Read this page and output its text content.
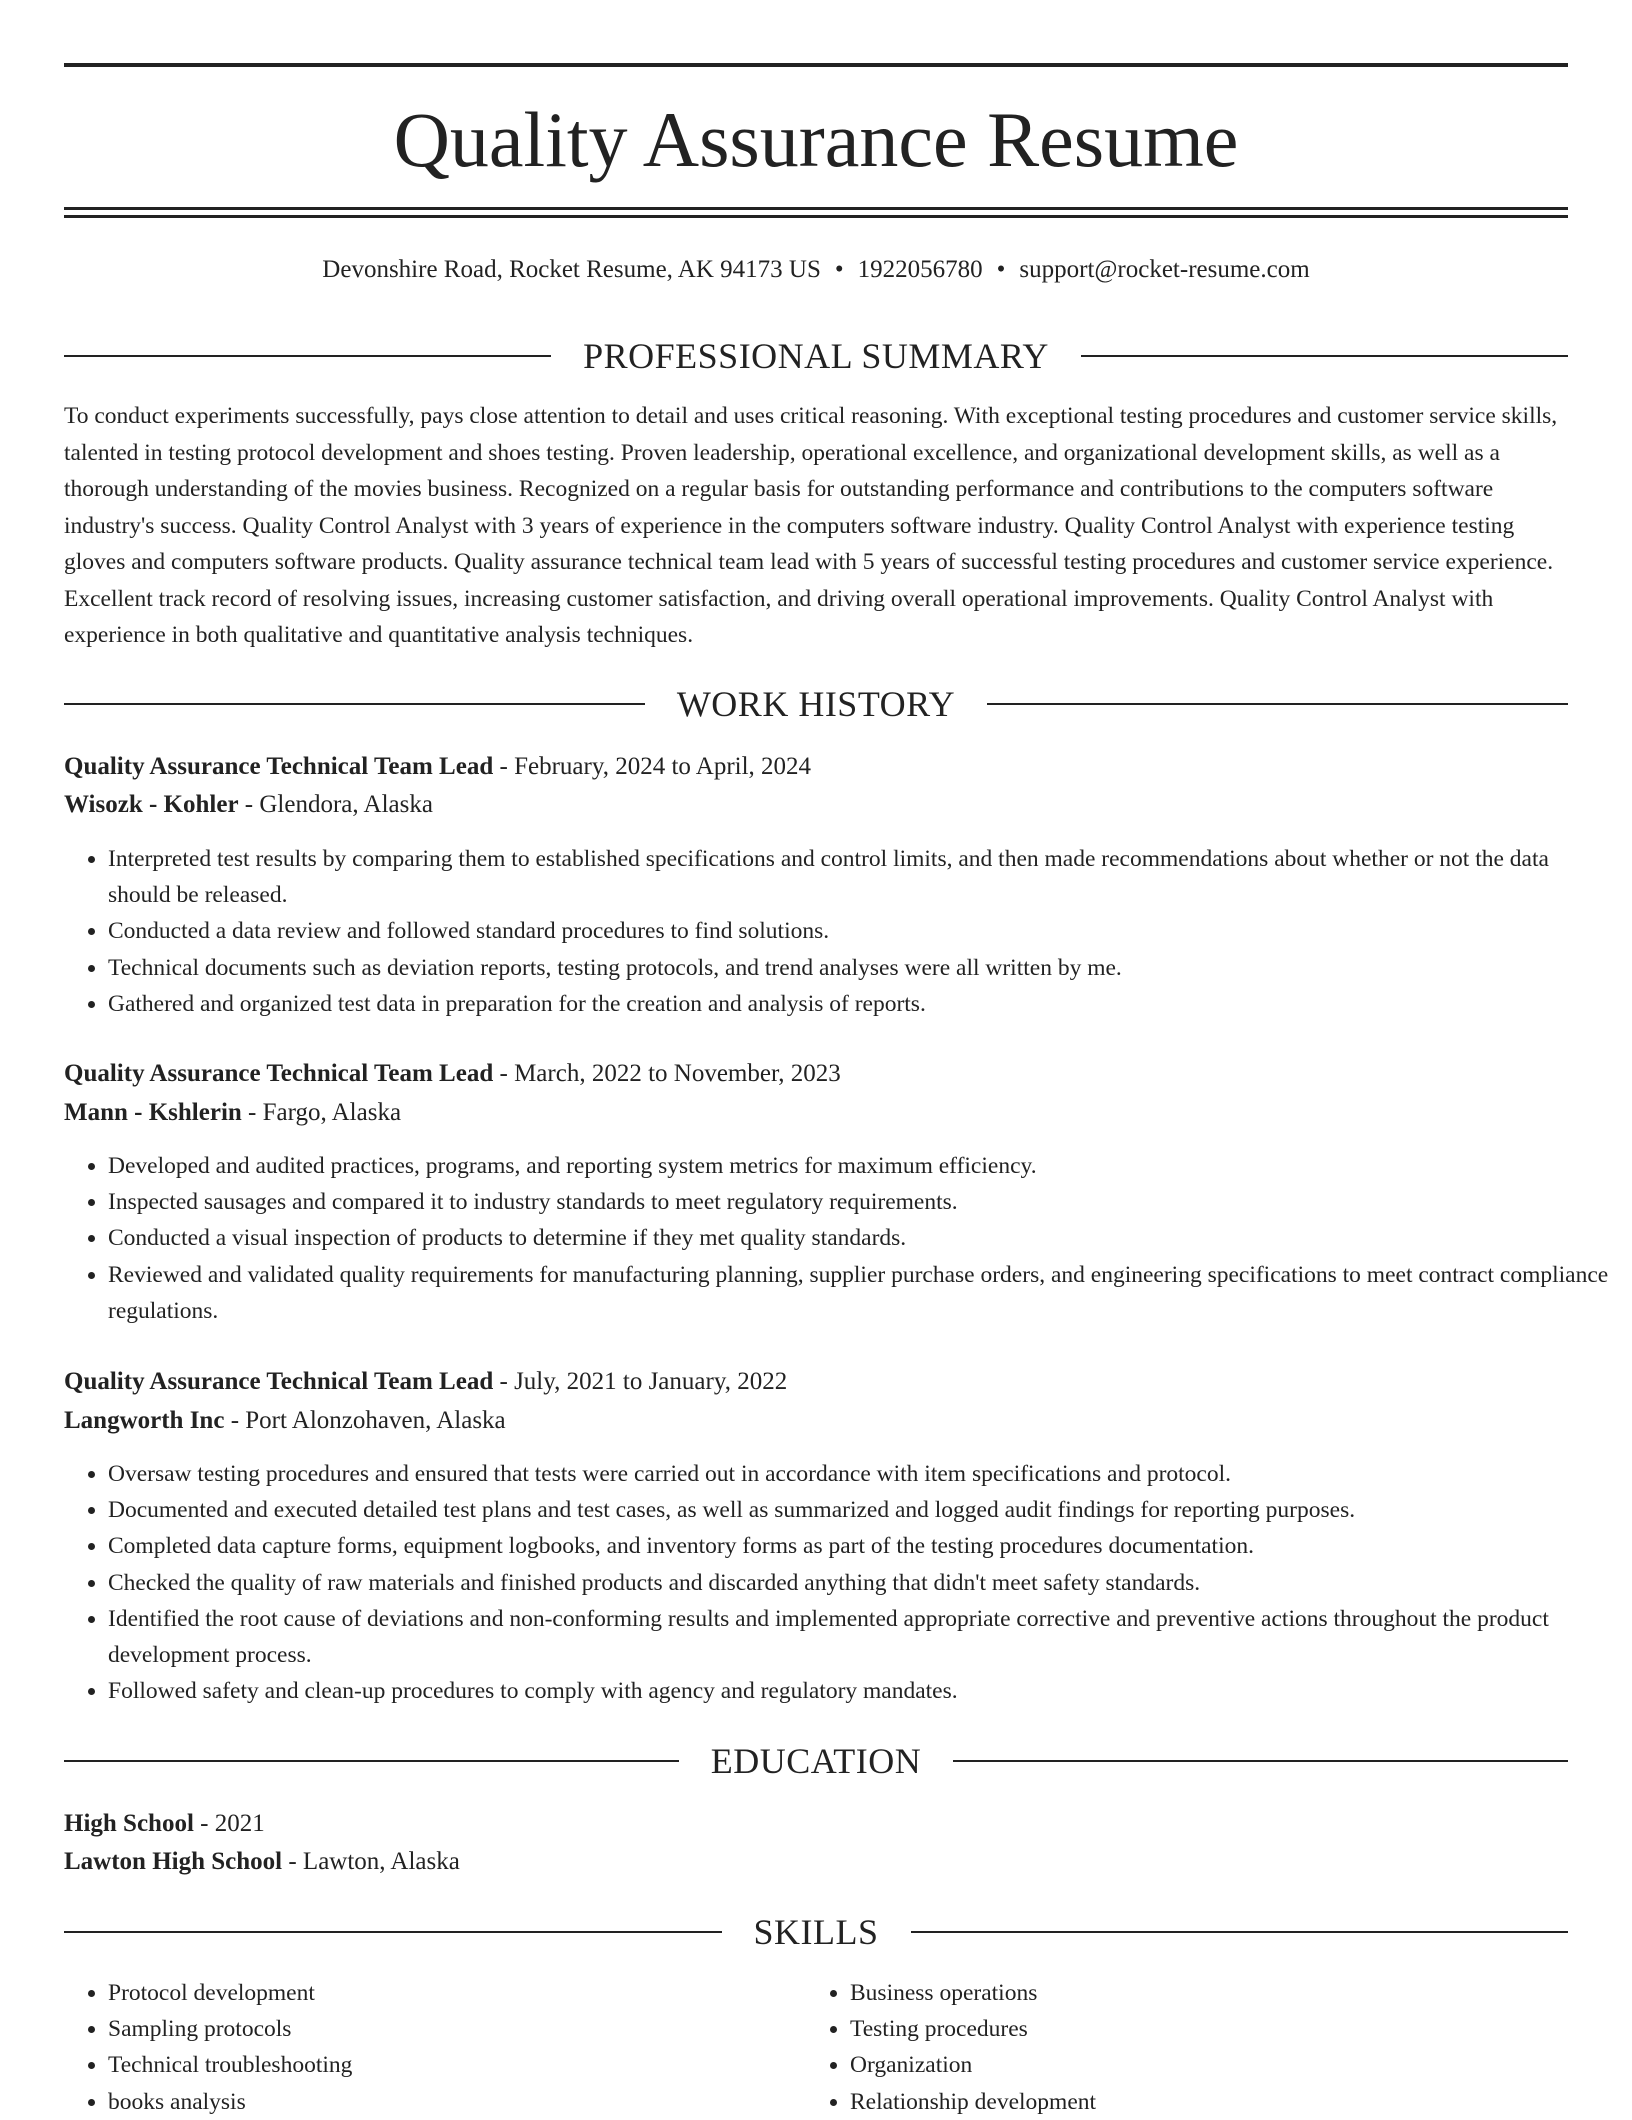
Quality Assurance Resume
Devonshire Road, Rocket Resume, AK 94173 US • 1922056780 • support@rocket-resume.com
PROFESSIONAL SUMMARY

To conduct experiments successfully, pays close attention to detail and uses critical reasoning. With exceptional testing procedures and customer service skills, talented in testing protocol development and shoes testing. Proven leadership, operational excellence, and organizational development skills, as well as a thorough understanding of the movies business. Recognized on a regular basis for outstanding performance and contributions to the computers software industry's success. Quality Control Analyst with 3 years of experience in the computers software industry. Quality Control Analyst with experience testing gloves and computers software products. Quality assurance technical team lead with 5 years of successful testing procedures and customer service experience. Excellent track record of resolving issues, increasing customer satisfaction, and driving overall operational improvements. Quality Control Analyst with experience in both qualitative and quantitative analysis techniques.

WORK HISTORY
Quality Assurance Technical Team Lead - February, 2024 to April, 2024
Wisozk - Kohler - Glendora, Alaska
• Interpreted test results by comparing them to established specifications and control limits, and then made recommendations about whether or not the data should be released.
• Conducted a data review and followed standard procedures to find solutions.
• Technical documents such as deviation reports, testing protocols, and trend analyses were all written by me.
• Gathered and organized test data in preparation for the creation and analysis of reports.
Quality Assurance Technical Team Lead - March, 2022 to November, 2023
Mann - Kshlerin - Fargo, Alaska
• Developed and audited practices, programs, and reporting system metrics for maximum efficiency.
• Inspected sausages and compared it to industry standards to meet regulatory requirements.
• Conducted a visual inspection of products to determine if they met quality standards.
• Reviewed and validated quality requirements for manufacturing planning, supplier purchase orders, and engineering specifications to meet contract compliance regulations.
Quality Assurance Technical Team Lead - July, 2021 to January, 2022
Langworth Inc - Port Alonzohaven, Alaska
• Oversaw testing procedures and ensured that tests were carried out in accordance with item specifications and protocol.
• Documented and executed detailed test plans and test cases, as well as summarized and logged audit findings for reporting purposes.
• Completed data capture forms, equipment logbooks, and inventory forms as part of the testing procedures documentation.
• Checked the quality of raw materials and finished products and discarded anything that didn't meet safety standards.
• Identified the root cause of deviations and non-conforming results and implemented appropriate corrective and preventive actions throughout the product development process.
• Followed safety and clean-up procedures to comply with agency and regulatory mandates.
EDUCATION
High School - 2021
Lawton High School - Lawton, Alaska
SKILLS
• Protocol development
• Sampling protocols
• Technical troubleshooting
• books analysis
• Business operations
• Testing procedures
• Organization
• Relationship development
